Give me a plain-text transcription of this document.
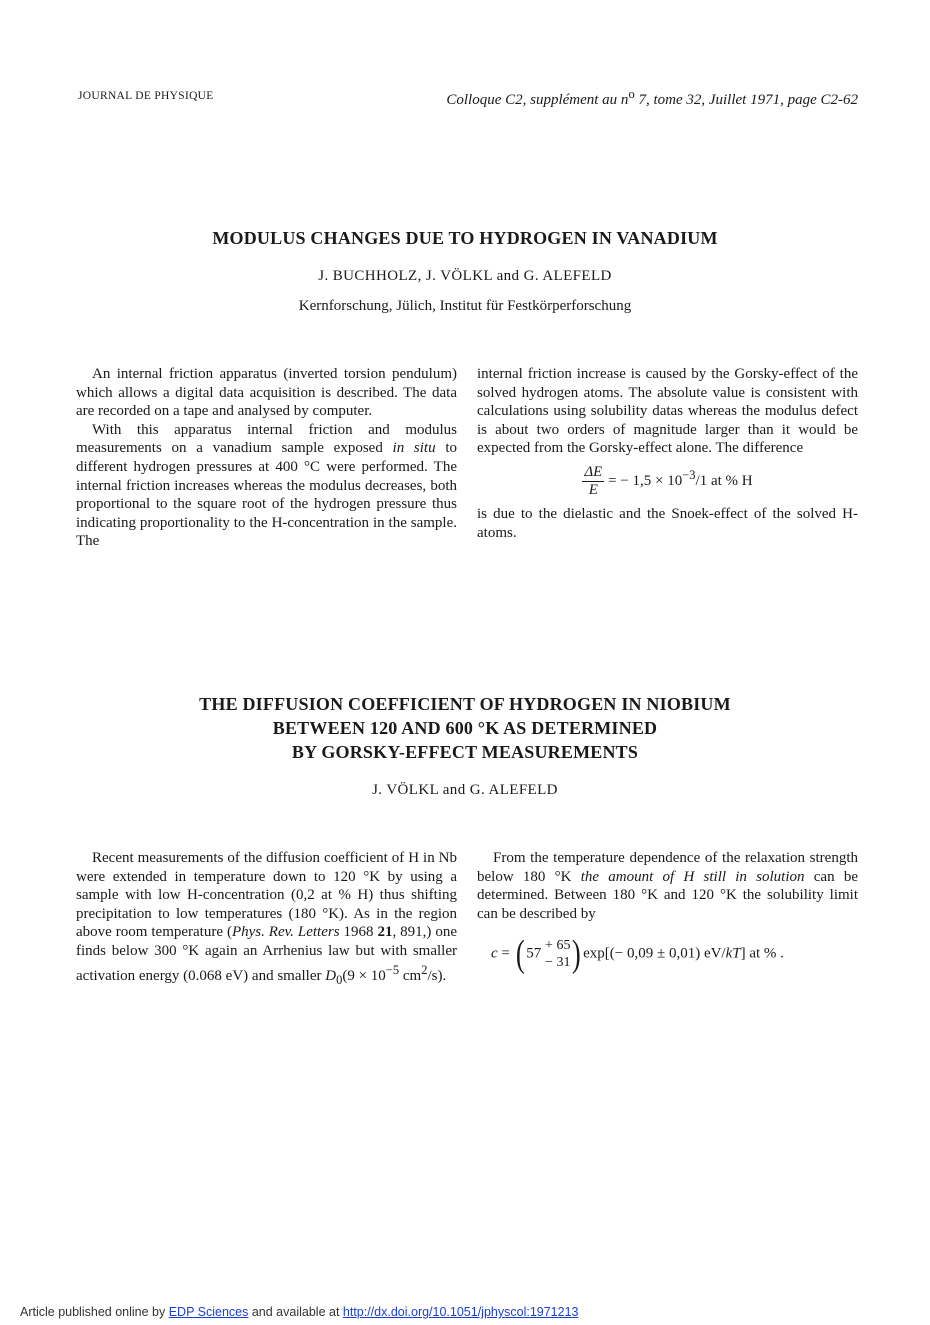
JOURNAL DE PHYSIQUE	Colloque C2, supplément au $n^o$ 7, tome 32, Juillet 1971, page C2-62
MODULUS CHANGES DUE TO HYDROGEN IN VANADIUM
J. BUCHHOLZ, J. VÖLKL and G. ALEFELD
Kernforschung, Jülich, Institut für Festkörperforschung

An internal friction apparatus (inverted torsion pendulum) which allows a digital data acquisition is described. The data are recorded on a tape and analysed by computer.

With this apparatus internal friction and modulus measurements on a vanadium sample exposed in situ to different hydrogen pressures at 400 °C were performed. The internal friction increases whereas the modulus decreases, both proportional to the square root of the hydrogen pressure thus indicating proportionality to the H-concentration in the sample. The

internal friction increase is caused by the Gorsky-effect of the solved hydrogen atoms. The absolute value is consistent with calculations using solubility datas whereas the modulus defect is about two orders of magnitude larger than it would be expected from the Gorsky-effect alone. The difference

$\frac{\Delta E}{E}$ = − $1,5 \times 10^{-3}/1$ at % H

is due to the dielastic and the Snoek-effect of the solved H-atoms.

THE DIFFUSION COEFFICIENT OF HYDROGEN IN NIOBIUM
BETWEEN 120 AND 600 °K AS DETERMINED
BY GORSKY-EFFECT MEASUREMENTS
J. VÖLKL and G. ALEFELD

Recent measurements of the diffusion coefficient of H in Nb were extended in temperature down to 120 °K by using a sample with low H-concentration (0,2 at % H) thus shifting precipitation to low temperatures (180 °K). As in the region above room temperature (Phys. Rev. Letters 1968 21, 891,) one finds below 300 °K again an Arrhenius law but with smaller activation energy (0.068 eV) and smaller $D_0(9 \times 10^{-5}$ $cm^2/s$).

From the temperature dependence of the relaxation strength below 180 °K the amount of H still in solution can be determined. Between 180 °K and 120 °K the solubility limit can be described by

c = ( 57 + 65
− 31 ) exp[(− 0,09 ± 0,01) eV/kT] at % .
Article published online by EDP Sciences and available at http://dx.doi.org/10.1051/jphyscol:1971213
